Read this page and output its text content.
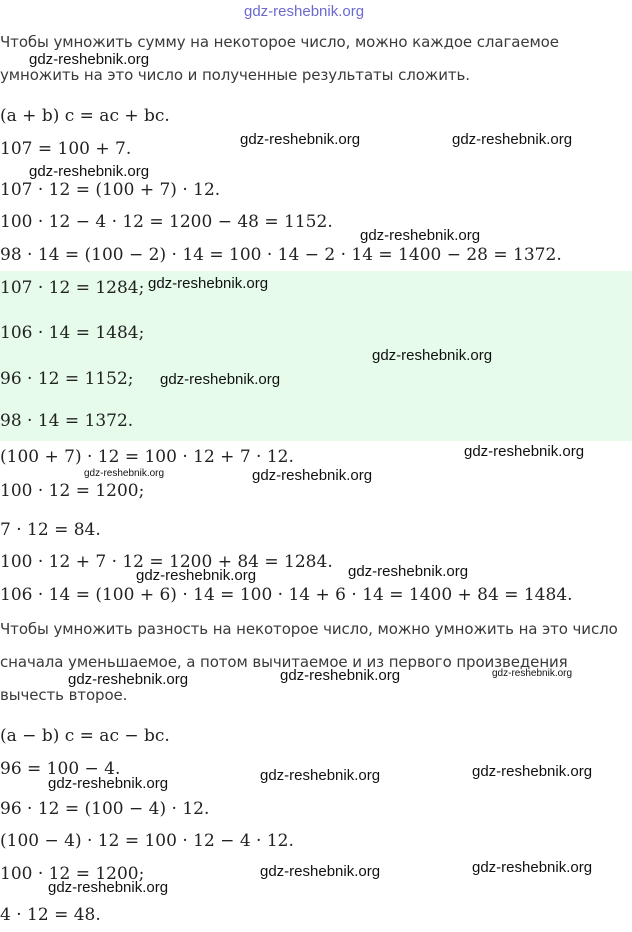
Чтобы умножить сумму на некоторое число, можно каждое слагаемое
умножить на это число и полученные результаты сложить.
(a + b) c = ac + bc.
107 = 100 + 7.
107 · 12 = (100 + 7) · 12.
100 · 12 − 4 · 12 = 1200 − 48 = 1152.
98 · 14 = (100 − 2) · 14 = 100 · 14 − 2 · 14 = 1400 − 28 = 1372.
107 · 12 = 1284;
106 · 14 = 1484;
96 · 12 = 1152;
98 · 14 = 1372.
(100 + 7) · 12 = 100 · 12 + 7 · 12.
100 · 12 = 1200;
7 · 12 = 84.
100 · 12 + 7 · 12 = 1200 + 84 = 1284.
106 · 14 = (100 + 6) · 14 = 100 · 14 + 6 · 14 = 1400 + 84 = 1484.
Чтобы умножить разность на некоторое число, можно умножить на это число
сначала уменьшаемое, а потом вычитаемое и из первого произведения
вычесть второе.
(a − b) c = ac − bc.
96 = 100 − 4.
96 · 12 = (100 − 4) · 12.
(100 − 4) · 12 = 100 · 12 − 4 · 12.
100 · 12 = 1200;
4 · 12 = 48.
gdz-reshebnik.org
gdz-reshebnik.org
gdz-reshebnik.org	gdz-reshebnik.org
gdz-reshebnik.org
gdz-reshebnik.org
gdz-reshebnik.org
gdz-reshebnik.org
gdz-reshebnik.org
gdz-reshebnik.org
gdz-reshebnik.org	gdz-reshebnik.org
gdz-reshebnik.org	gdz-reshebnik.org
gdz-reshebnik.org	gdz-reshebnik.org	gdz-reshebnik.org
gdz-reshebnik.org	gdz-reshebnik.org	gdz-reshebnik.org
gdz-reshebnik.org	gdz-reshebnik.org
gdz-reshebnik.org
